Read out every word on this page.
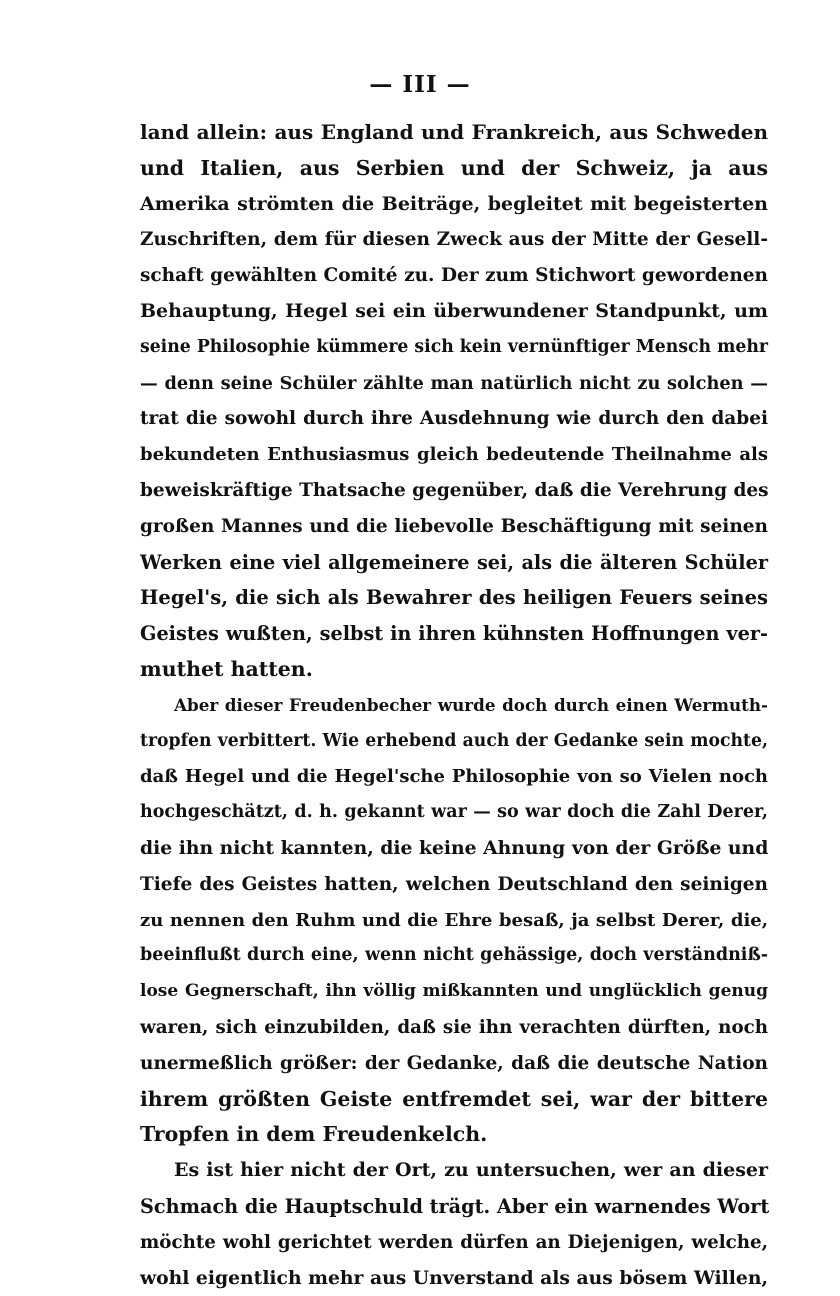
— III —
land allein: aus England und Frankreich, aus Schweden
und Italien, aus Serbien und der Schweiz, ja aus
Amerika strömten die Beiträge, begleitet mit begeisterten
Zuschriften, dem für diesen Zweck aus der Mitte der Gesell-
schaft gewählten Comité zu. Der zum Stichwort gewordenen
Behauptung, Hegel sei ein überwundener Standpunkt, um
seine Philosophie kümmere sich kein vernünftiger Mensch mehr
— denn seine Schüler zählte man natürlich nicht zu solchen —
trat die sowohl durch ihre Ausdehnung wie durch den dabei
bekundeten Enthusiasmus gleich bedeutende Theilnahme als
beweiskräftige Thatsache gegenüber, daß die Verehrung des
großen Mannes und die liebevolle Beschäftigung mit seinen
Werken eine viel allgemeinere sei, als die älteren Schüler
Hegel's, die sich als Bewahrer des heiligen Feuers seines
Geistes wußten, selbst in ihren kühnsten Hoffnungen ver-
muthet hatten.
Aber dieser Freudenbecher wurde doch durch einen Wermuth-
tropfen verbittert. Wie erhebend auch der Gedanke sein mochte,
daß Hegel und die Hegel'sche Philosophie von so Vielen noch
hochgeschätzt, d. h. gekannt war — so war doch die Zahl Derer,
die ihn nicht kannten, die keine Ahnung von der Größe und
Tiefe des Geistes hatten, welchen Deutschland den seinigen
zu nennen den Ruhm und die Ehre besaß, ja selbst Derer, die,
beeinflußt durch eine, wenn nicht gehässige, doch verständniß-
lose Gegnerschaft, ihn völlig mißkannten und unglücklich genug
waren, sich einzubilden, daß sie ihn verachten dürften, noch
unermeßlich größer: der Gedanke, daß die deutsche Nation
ihrem größten Geiste entfremdet sei, war der bittere
Tropfen in dem Freudenkelch.
Es ist hier nicht der Ort, zu untersuchen, wer an dieser
Schmach die Hauptschuld trägt. Aber ein warnendes Wort
möchte wohl gerichtet werden dürfen an Diejenigen, welche,
wohl eigentlich mehr aus Unverstand als aus bösem Willen,
